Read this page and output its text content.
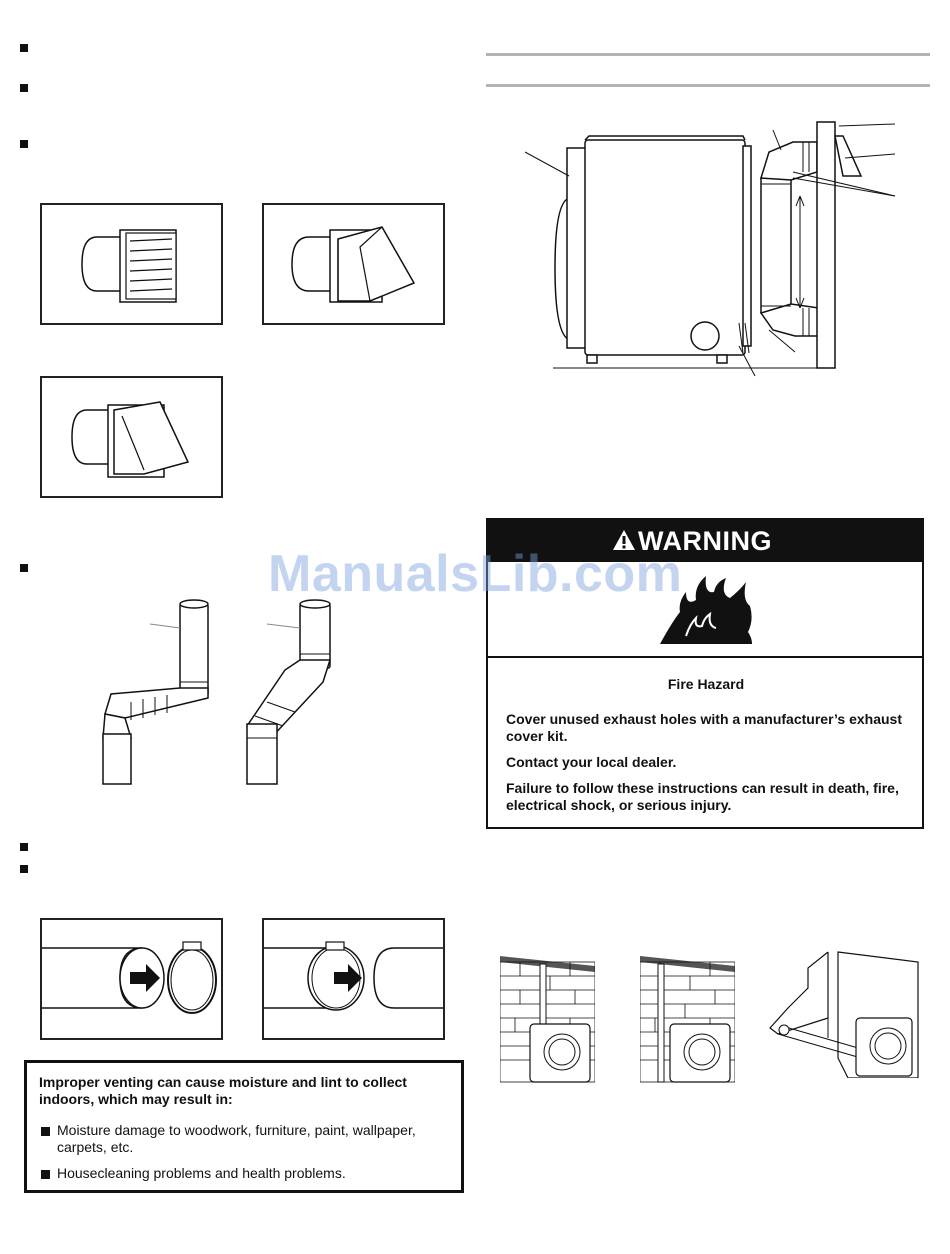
Improper venting can cause moisture and lint to collect indoors, which may result in:
Moisture damage to woodwork, furniture, paint, wallpaper, carpets, etc.
Housecleaning problems and health problems.
WARNING
Fire Hazard
Cover unused exhaust holes with a manufacturer’s exhaust cover kit.
Contact your local dealer.
Failure to follow these instructions can result in death, fire, electrical shock, or serious injury.
ManualsLib.com
